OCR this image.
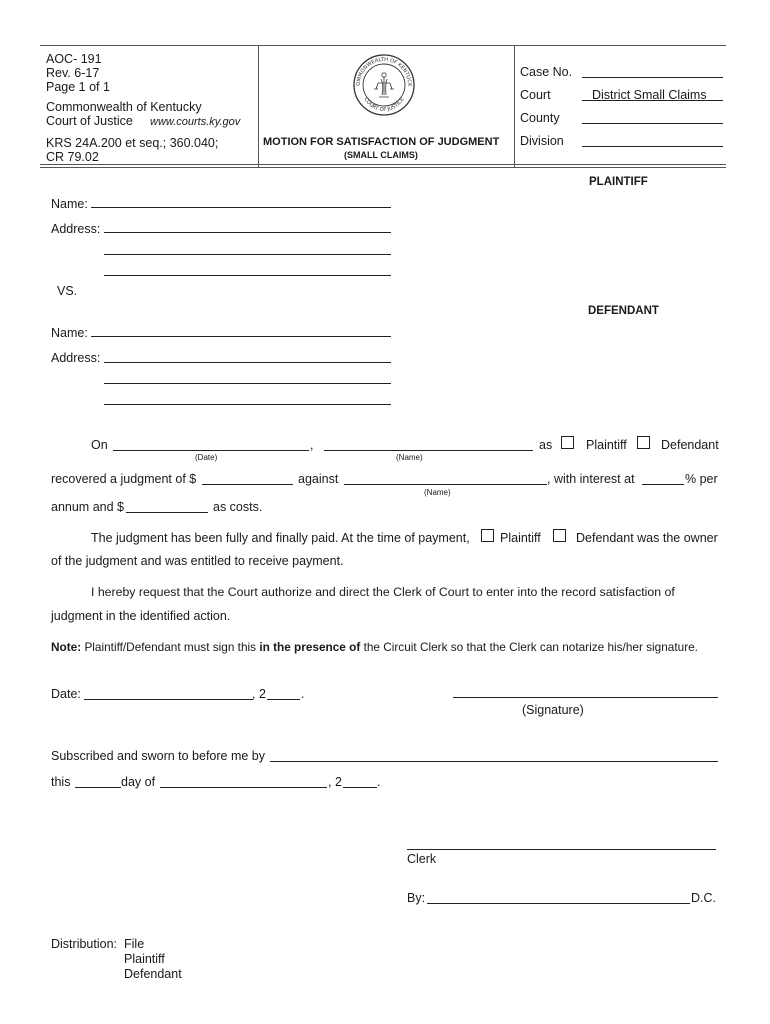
AOC- 191
Rev. 6-17
Page 1 of 1
Commonwealth of Kentucky
Court of Justice www.courts.ky.gov
KRS 24A.200 et seq.; 360.040;
CR 79.02
OMMONWEALTH OF KENTUCK
COURT OF JUSTICE
MOTION FOR SATISFACTION OF JUDGMENT
(SMALL CLAIMS)
Case No.
Court	District Small Claims
County
Division
PLAINTIFF
Name:
Address:
VS.
DEFENDANT
Name:
Address:
On	,
(Date)	(Name)
as	Plaintiff	Defendant
recovered a judgment of $	against
(Name)
, with interest at	% per
annum and $	as costs.
The judgment has been fully and finally paid. At the time of payment, Plaintiff	Defendant was the owner
of the judgment and was entitled to receive payment.
I hereby request that the Court authorize and direct the Clerk of Court to enter into the record satisfaction of
judgment in the identified action.
Note: Plaintiff/Defendant must sign this in the presence of the Circuit Clerk so that the Clerk can notarize his/her signature.
Date:	, 2	.
(Signature)
Subscribed and sworn to before me by
this	day of	, 2	.
Clerk
By:	D.C.
Distribution: File
Plaintiff
Defendant
